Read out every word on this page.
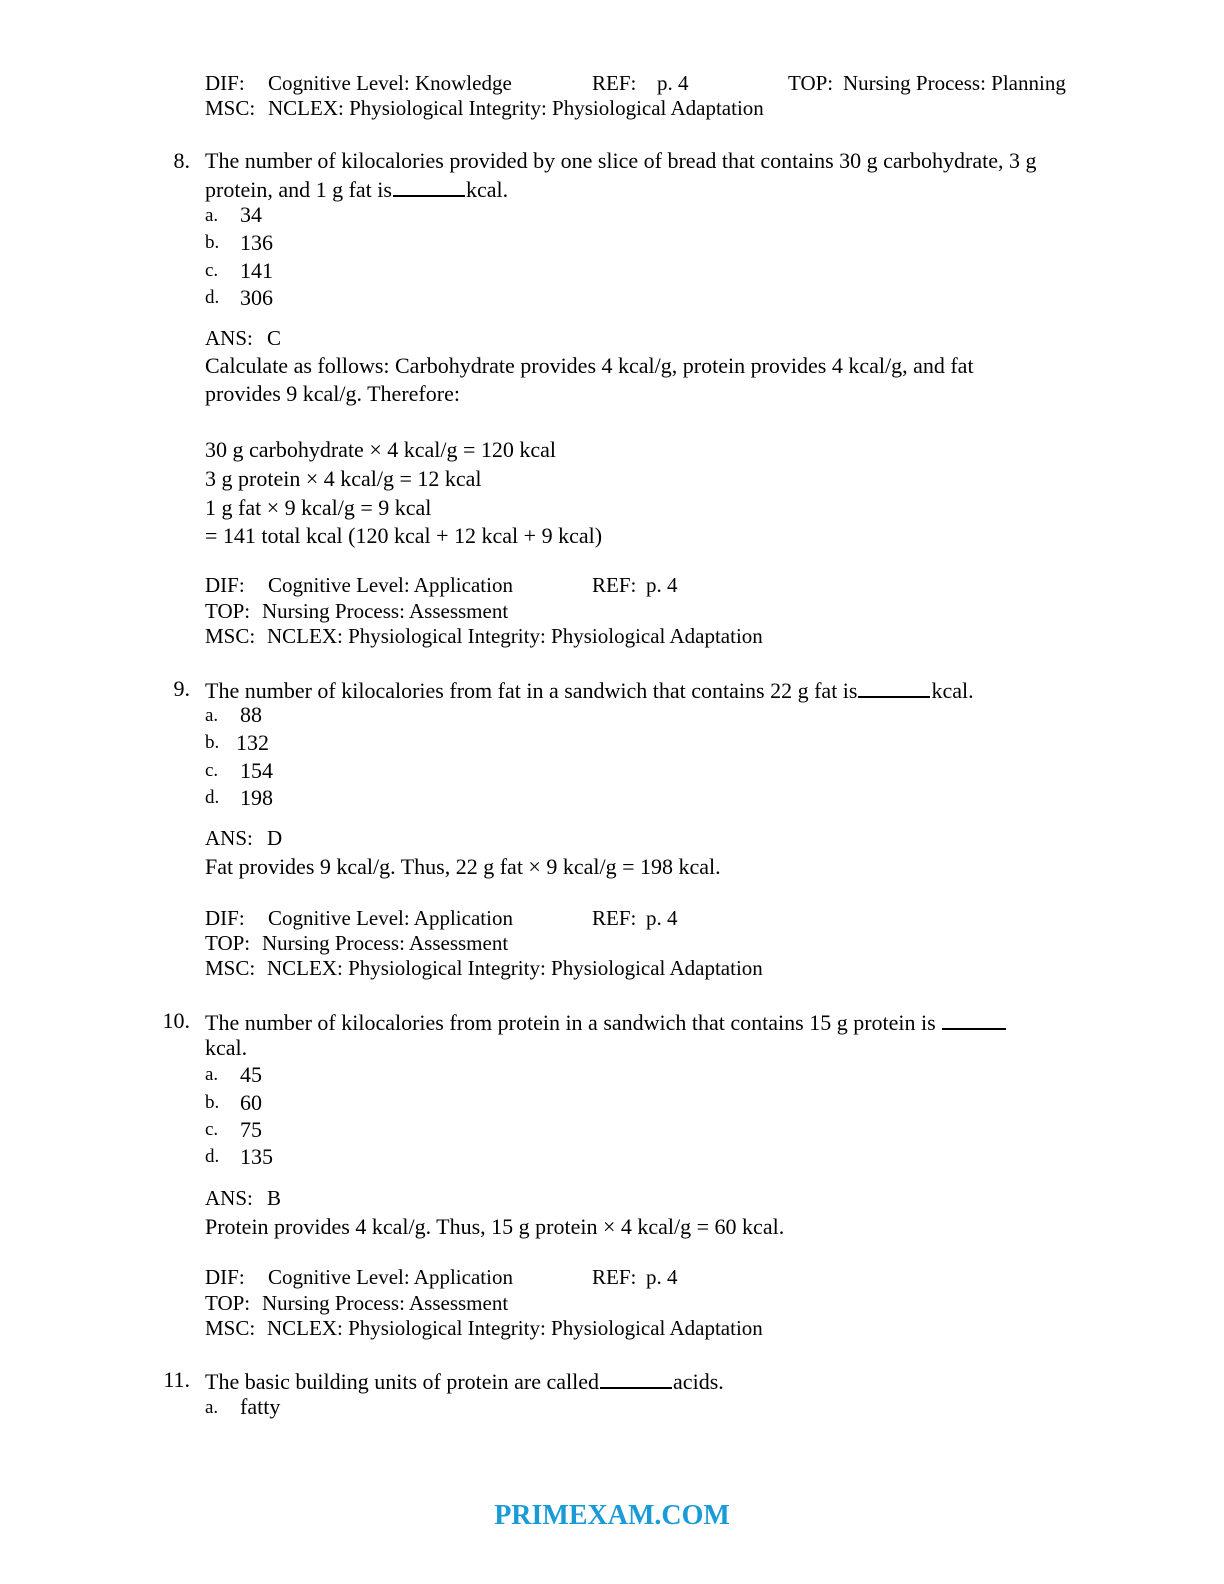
DIF: Cognitive Level: Knowledge	REF: p. 4	TOP: Nursing Process: Planning
MSC: NCLEX: Physiological Integrity: Physiological Adaptation
8. The number of kilocalories provided by one slice of bread that contains 30 g carbohydrate, 3 g
protein, and 1 g fat is	kcal.
a. 34
b. 136
c. 141
d. 306
ANS: C
Calculate as follows: Carbohydrate provides 4 kcal/g, protein provides 4 kcal/g, and fat
provides 9 kcal/g. Therefore:
30 g carbohydrate × 4 kcal/g = 120 kcal
3 g protein × 4 kcal/g = 12 kcal
1 g fat × 9 kcal/g = 9 kcal
= 141 total kcal (120 kcal + 12 kcal + 9 kcal)
DIF: Cognitive Level: Application	REF: p. 4
TOP: Nursing Process: Assessment
MSC: NCLEX: Physiological Integrity: Physiological Adaptation
9. The number of kilocalories from fat in a sandwich that contains 22 g fat is	kcal.
a. 88
b. 132
c. 154
d. 198
ANS: D
Fat provides 9 kcal/g. Thus, 22 g fat × 9 kcal/g = 198 kcal.
DIF: Cognitive Level: Application	REF: p. 4
TOP: Nursing Process: Assessment
MSC: NCLEX: Physiological Integrity: Physiological Adaptation
10. The number of kilocalories from protein in a sandwich that contains 15 g protein is
kcal.
a. 45
b. 60
c. 75
d. 135
ANS: B
Protein provides 4 kcal/g. Thus, 15 g protein × 4 kcal/g = 60 kcal.
DIF: Cognitive Level: Application	REF: p. 4
TOP: Nursing Process: Assessment
MSC: NCLEX: Physiological Integrity: Physiological Adaptation
11. The basic building units of protein are called	acids.
a. fatty
PRIMEXAM.COM
